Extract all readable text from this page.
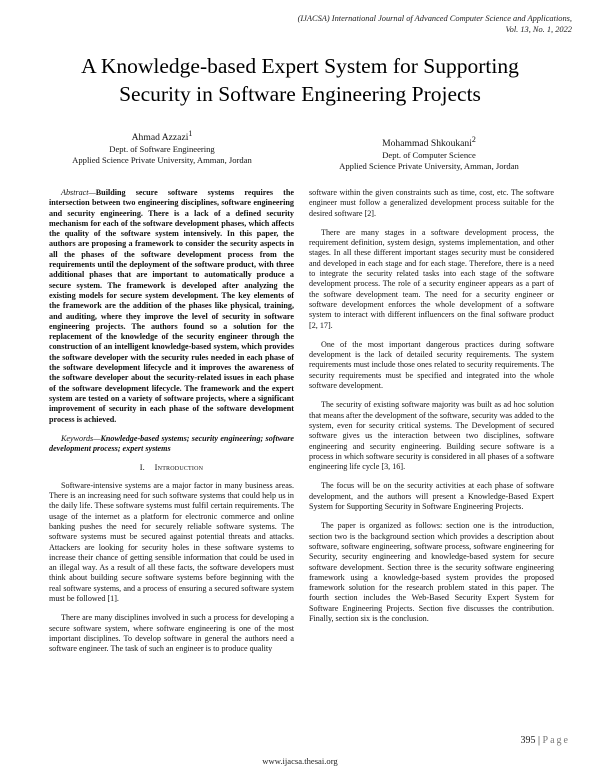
(IJACSA) International Journal of Advanced Computer Science and Applications,
Vol. 13, No. 1, 2022
A Knowledge-based Expert System for Supporting
Security in Software Engineering Projects
Ahmad Azzazi$^1$
Dept. of Software Engineering
Applied Science Private University, Amman, Jordan
Mohammad Shkoukani$^2$
Dept. of Computer Science
Applied Science Private University, Amman, Jordan

Abstract—Building secure software systems requires the intersection between two engineering disciplines, software engineering and security engineering. There is a lack of a defined security mechanism for each of the software development phases, which affects the quality of the software system intensively. In this paper, the authors are proposing a framework to consider the security aspects in all the phases of the software development process from the requirements until the deployment of the software product, with three additional phases that are important to automatically produce a secure system. The framework is developed after analyzing the existing models for secure system development. The key elements of the framework are the addition of the phases like physical, training, and auditing, where they improve the level of security in software engineering projects. The authors found so a solution for the replacement of the knowledge of the security engineer through the construction of an intelligent knowledge-based system, which provides the software developer with the security rules needed in each phase of the software development lifecycle and it improves the awareness of the software developer about the security-related issues in each phase of the software development lifecycle. The framework and the expert system are tested on a variety of software projects, where a significant improvement of security in each phase of the software development process is achieved.

Keywords—Knowledge-based systems; security engineering; software development process; expert systems

I. Introduction

Software-intensive systems are a major factor in many business areas. There is an increasing need for such software systems that could help us in the daily life. These software systems must fulfil certain requirements. The usage of the internet as a platform for electronic commerce and online banking pushes the need for securely reliable software systems. The software systems must be secured against potential threats and attacks. Attackers are looking for security holes in these software systems to increase their chance of getting sensible information that could be used in an illegal way. As a result of all these facts, the software developers must think about building secure software systems before beginning with the real software systems, and a process of ensuring a secured software system must be followed [1].

There are many disciplines involved in such a process for developing a secure software system, where software engineering is one of the most important disciplines. To develop software in general the authors need a software engineer. The task of such an engineer is to produce quality

software within the given constraints such as time, cost, etc. The software engineer must follow a generalized development process suitable for the desired software [2].

There are many stages in a software development process, the requirement definition, system design, systems implementation, and other stages. In all these different important stages security must be considered and developed in each stage and for each stage. Therefore, there is a need to integrate the security related tasks into each stage of the software development process. The role of a security engineer appears as a part of the software development team. The need for a security engineer or software development enforces the whole development of a software system to interact with different influencers on the final software product [2, 17].

One of the most important dangerous practices during software development is the lack of detailed security requirements. The system requirements must include those ones related to security requirements. The security requirements must be specified and integrated into the whole software development.

The security of existing software majority was built as ad hoc solution that means after the development of the software, security was added to the system, even for security critical systems. The Development of secured software gives us the interaction between two disciplines, software engineering and security engineering. Building secure software is a process in which software security is considered in all phases of a software engineering life cycle [3, 16].

The focus will be on the security activities at each phase of software development, and the authors will present a Knowledge-Based Expert System for Supporting Security in Software Engineering Projects.

The paper is organized as follows: section one is the introduction, section two is the background section which provides a description about software, software engineering, software process, software engineering for Security, security engineering and knowledge-based system for secure software development. Section three is the security software engineering framework using a knowledge-based system provides the proposed framework solution for the research problem stated in this paper. The fourth section includes the Web-Based Security Expert System for Software Engineering Projects. Section five discusses the contribution. Finally, section six is the conclusion.

395 | Page
www.ijacsa.thesai.org
